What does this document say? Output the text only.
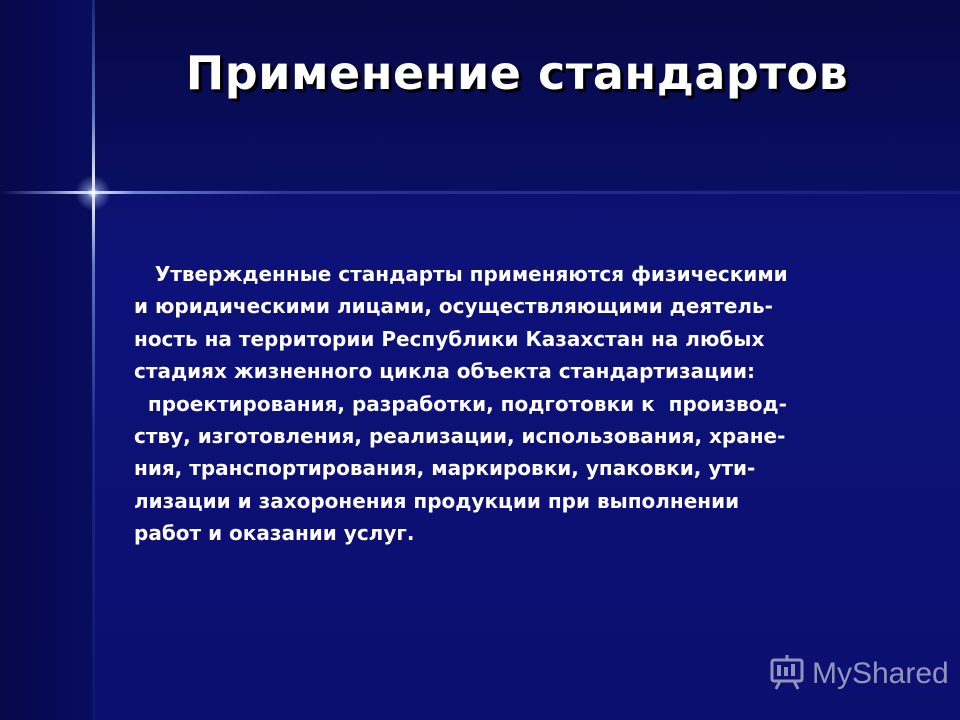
Применение стандартов

Утвержденные стандарты применяются физическими
и юридическими лицами, осуществляющими деятель-
ность на территории Республики Казахстан на любых
стадиях жизненного цикла объекта стандартизации:
проектирования, разработки, подготовки к  производ-
ству, изготовления, реализации, использования, хране-
ния, транспортирования, маркировки, упаковки, ути-
лизации и захоронения продукции при выполнении
работ и оказании услуг.

MyShared
